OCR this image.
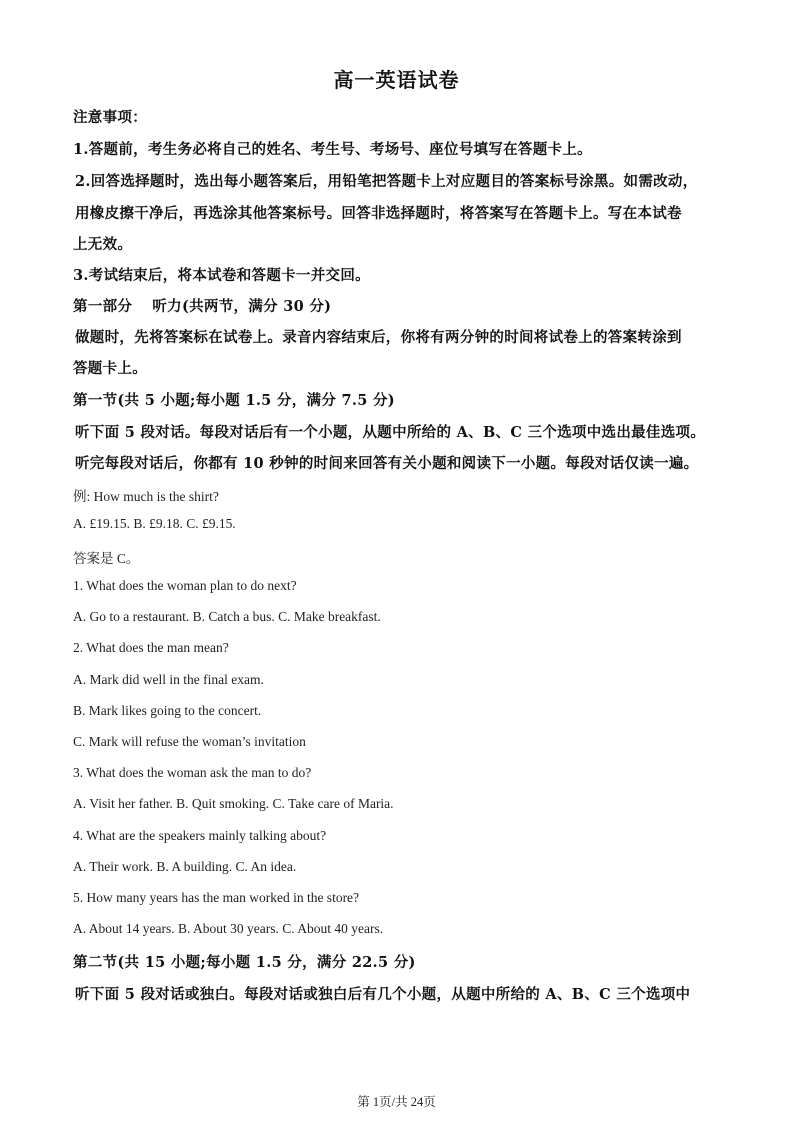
高一英语试卷
注意事项：
1.答题前，考生务必将自己的姓名、考生号、考场号、座位号填写在答题卡上。
2.回答选择题时，选出每小题答案后，用铅笔把答题卡上对应题目的答案标号涂黑。如需改动，
用橡皮擦干净后，再选涂其他答案标号。回答非选择题时，将答案写在答题卡上。写在本试卷
上无效。
3.考试结束后，将本试卷和答题卡一并交回。
第一部分　 听力(共两节，满分 30 分)
做题时，先将答案标在试卷上。录音内容结束后，你将有两分钟的时间将试卷上的答案转涂到
答题卡上。
第一节(共 5 小题;每小题 1.5 分，满分 7.5 分)
听下面 5 段对话。每段对话后有一个小题，从题中所给的 A、B、C 三个选项中选出最佳选项。
听完每段对话后，你都有 10 秒钟的时间来回答有关小题和阅读下一小题。每段对话仅读一遍。
例: How much is the shirt?
A. £19.15. B. £9.18. C. £9.15.
答案是 C。
1. What does the woman plan to do next?
A. Go to a restaurant. B. Catch a bus. C. Make breakfast.
2. What does the man mean?
A. Mark did well in the final exam.
B. Mark likes going to the concert.
C. Mark will refuse the woman’s invitation
3. What does the woman ask the man to do?
A. Visit her father. B. Quit smoking. C. Take care of Maria.
4. What are the speakers mainly talking about?
A. Their work. B. A building. C. An idea.
5. How many years has the man worked in the store?
A. About 14 years. B. About 30 years. C. About 40 years.
第二节(共 15 小题;每小题 1.5 分，满分 22.5 分)
听下面 5 段对话或独白。每段对话或独白后有几个小题，从题中所给的 A、B、C 三个选项中
第 1页/共 24页
